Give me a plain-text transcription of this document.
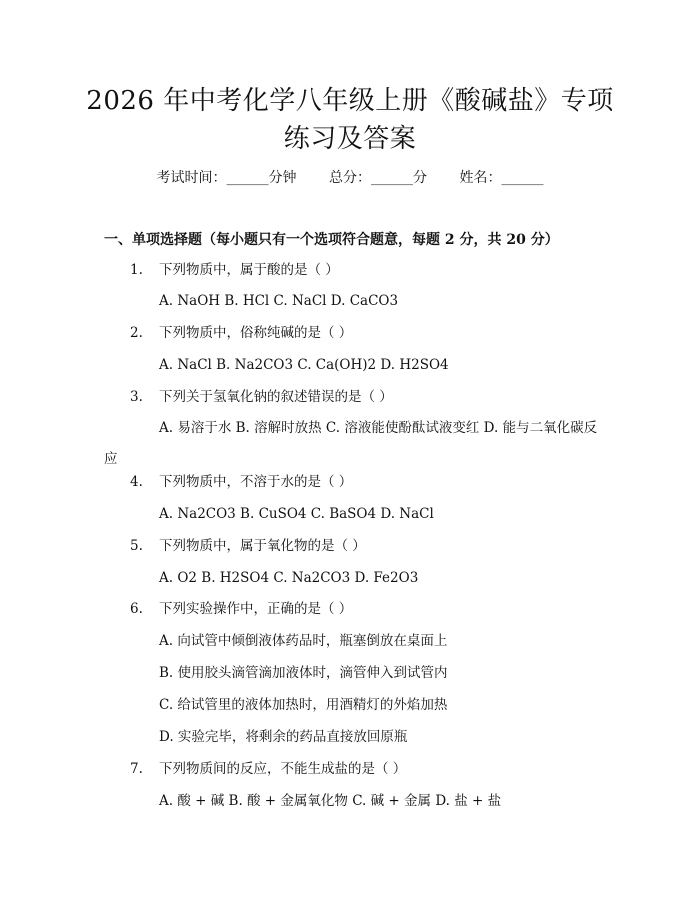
2026 年中考化学八年级上册《酸碱盐》专项
练习及答案
考试时间：______分钟 总分：______分 姓名：______
一、单项选择题（每小题只有一个选项符合题意，每题 2 分，共 20 分）
1. 下列物质中，属于酸的是（ ）
A. NaOH B. HCl C. NaCl D. CaCO3
2. 下列物质中，俗称纯碱的是（ ）
A. NaCl B. Na2CO3 C. Ca(OH)2 D. H2SO4
3. 下列关于氢氧化钠的叙述错误的是（ ）
A. 易溶于水 B. 溶解时放热 C. 溶液能使酚酞试液变红 D. 能与二氧化碳反应
4. 下列物质中，不溶于水的是（ ）
A. Na2CO3 B. CuSO4 C. BaSO4 D. NaCl
5. 下列物质中，属于氧化物的是（ ）
A. O2 B. H2SO4 C. Na2CO3 D. Fe2O3
6. 下列实验操作中，正确的是（ ）
A. 向试管中倾倒液体药品时，瓶塞倒放在桌面上
B. 使用胶头滴管滴加液体时，滴管伸入到试管内
C. 给试管里的液体加热时，用酒精灯的外焰加热
D. 实验完毕，将剩余的药品直接放回原瓶
7. 下列物质间的反应，不能生成盐的是（ ）
A. 酸 + 碱 B. 酸 + 金属氧化物 C. 碱 + 金属 D. 盐 + 盐
